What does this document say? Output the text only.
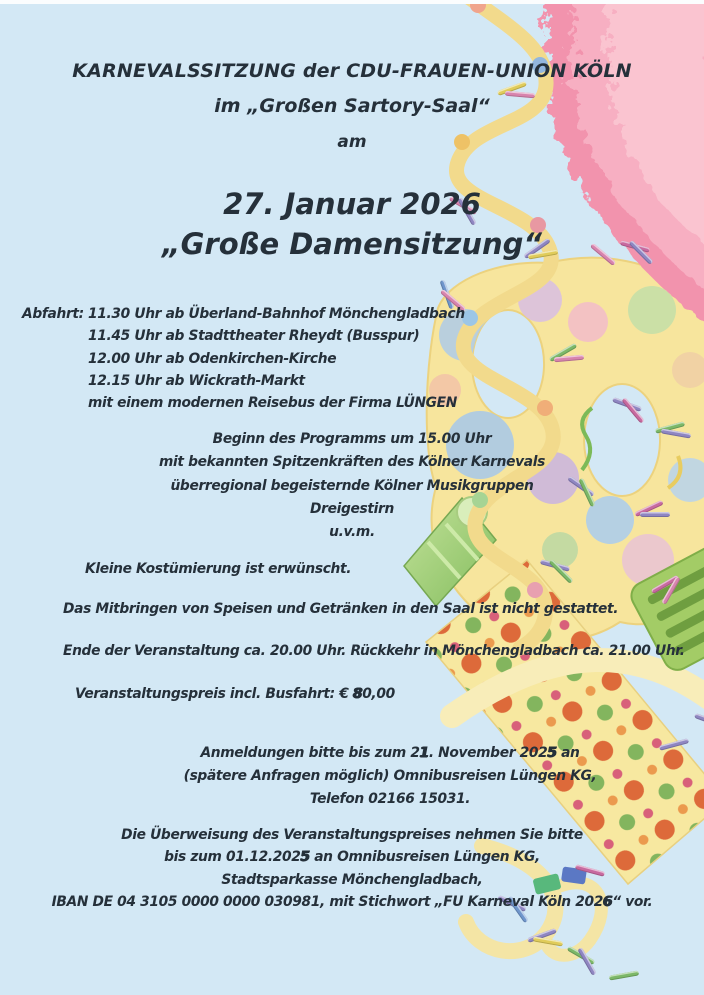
KARNEVALSSITZUNG der CDU-FRAUEN-UNION KÖLN
im „Großen Sartory-Saal“
am
27. Januar 2026
„Große Damensitzung“
Abfahrt: 11.30 Uhr ab Überland-Bahnhof Mönchengladbach
11.45 Uhr ab Stadttheater Rheydt (Busspur)
12.00 Uhr ab Odenkirchen-Kirche
12.15 Uhr ab Wickrath-Markt
mit einem modernen Reisebus der Firma LÜNGEN
Beginn des Programms um 15.00 Uhr
mit bekannten Spitzenkräften des Kölner Karnevals
überregional begeisternde Kölner Musikgruppen
Dreigestirn
u.v.m.
Kleine Kostümierung ist erwünscht.
Das Mitbringen von Speisen und Getränken in den Saal ist nicht gestattet.
Ende der Veranstaltung ca. 20.00 Uhr. Rückkehr in Mönchengladbach ca. 21.00 Uhr.
Veranstaltungspreis incl. Busfahrt: € 80,00
Anmeldungen bitte bis zum 21. November 2025 an
(spätere Anfragen möglich) Omnibusreisen Lüngen KG,
Telefon 02166 15031.
Die Überweisung des Veranstaltungspreises nehmen Sie bitte
bis zum 01.12.2025 an Omnibusreisen Lüngen KG,
Stadtsparkasse Mönchengladbach,
IBAN DE 04 3105 0000 0000 030981, mit Stichwort „FU Karneval Köln 2026“ vor.
